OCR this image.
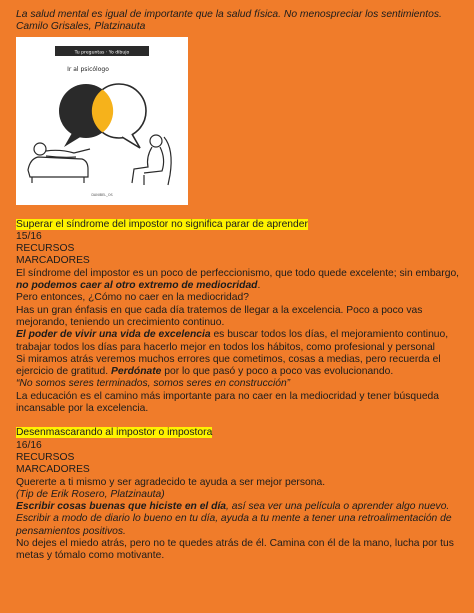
La salud mental es igual de importante que la salud física. No menospreciar los sentimientos.

Camilo Grisales, Platzinauta

Tu preguntas · Yo dibujo
Ir al psicólogo
DANIBEL_OS

Superar el síndrome del impostor no significa parar de aprender

15/16

RECURSOS

MARCADORES

El síndrome del impostor es un poco de perfeccionismo, que todo quede excelente; sin embargo, no podemos caer al otro extremo de mediocridad.

Pero entonces, ¿Cómo no caer en la mediocridad?

Has un gran énfasis en que cada día tratemos de llegar a la excelencia. Poco a poco vas mejorando, teniendo un crecimiento continuo.

El poder de vivir una vida de excelencia es buscar todos los días, el mejoramiento continuo, trabajar todos los días para hacerlo mejor en todos los hábitos, como profesional y personal

Si miramos atrás veremos muchos errores que cometimos, cosas a medias, pero recuerda el ejercicio de gratitud. Perdónate por lo que pasó y poco a poco vas evolucionando.

“No somos seres terminados, somos seres en construcción”

La educación es el camino más importante para no caer en la mediocridad y tener búsqueda incansable por la excelencia.

Desenmascarando al impostor o impostora

16/16

RECURSOS

MARCADORES

Quererte a ti mismo y ser agradecido te ayuda a ser mejor persona.

(Tip de Erik Rosero, Platzinauta)

Escribir cosas buenas que hiciste en el día, así sea ver una película o aprender algo nuevo. Escribir a modo de diario lo bueno en tu día, ayuda a tu mente a tener una retroalimentación de pensamientos positivos.

No dejes el miedo atrás, pero no te quedes atrás de él. Camina con él de la mano, lucha por tus metas y tómalo como motivante.
